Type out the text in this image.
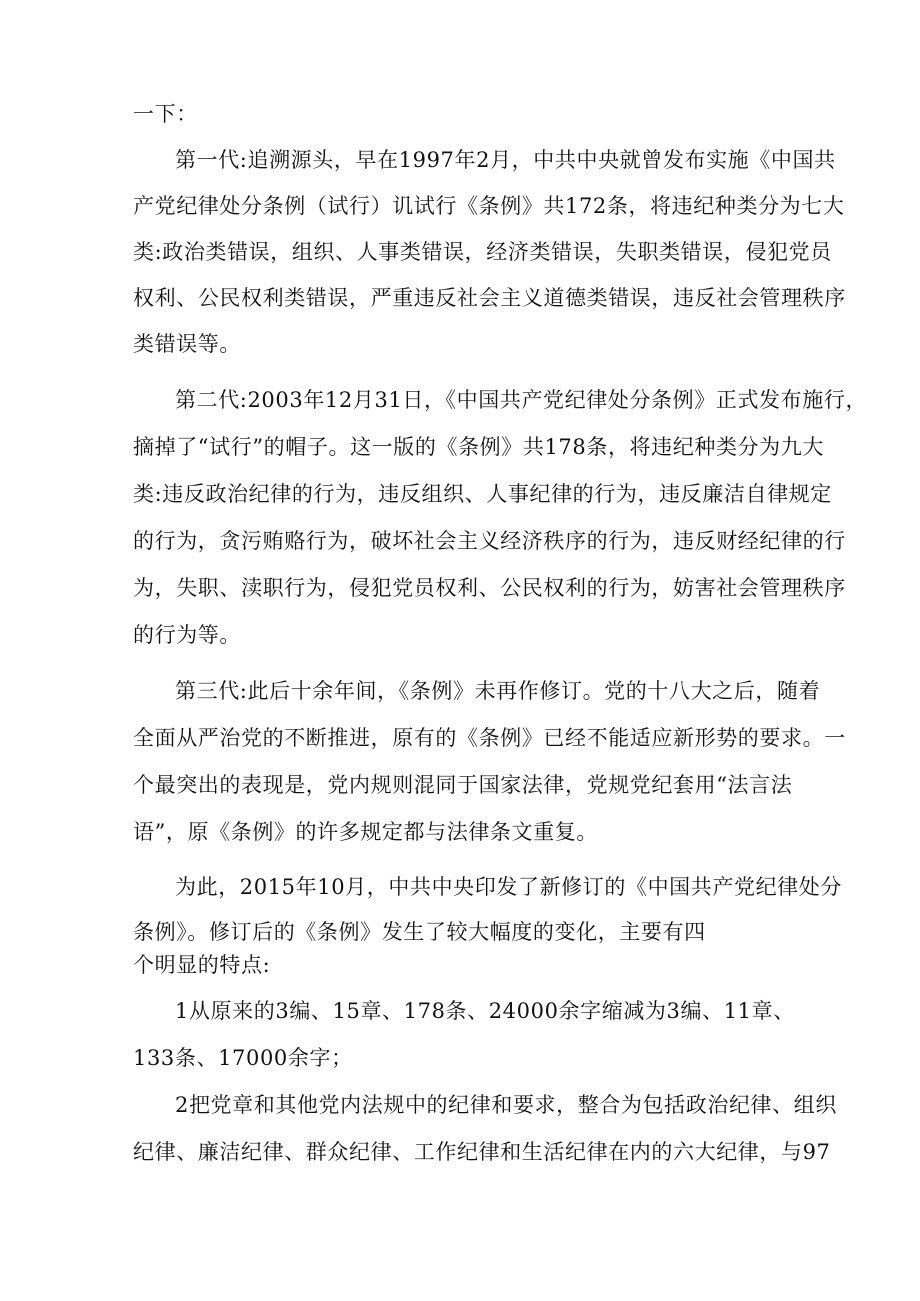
一下：
第一代:追溯源头，早在1997年2月，中共中央就曾发布实施《中国共
产党纪律处分条例（试行）讥试行《条例》共172条，将违纪种类分为七大
类:政治类错误，组织、人事类错误，经济类错误，失职类错误，侵犯党员
权利、公民权利类错误，严重违反社会主义道德类错误，违反社会管理秩序
类错误等。
第二代:2003年12月31日，《中国共产党纪律处分条例》正式发布施行，
摘掉了“试行”的帽子。这一版的《条例》共178条，将违纪种类分为九大
类:违反政治纪律的行为，违反组织、人事纪律的行为，违反廉洁自律规定
的行为，贪污贿赂行为，破坏社会主义经济秩序的行为，违反财经纪律的行
为，失职、渎职行为，侵犯党员权利、公民权利的行为，妨害社会管理秩序
的行为等。
第三代:此后十余年间，《条例》未再作修订。党的十八大之后，随着
全面从严治党的不断推进，原有的《条例》已经不能适应新形势的要求。一
个最突出的表现是，党内规则混同于国家法律，党规党纪套用“法言法
语”，原《条例》的许多规定都与法律条文重复。
为此，2015年10月，中共中央印发了新修订的《中国共产党纪律处分
条例》。修订后的《条例》发生了较大幅度的变化，主要有四
个明显的特点:
1从原来的3编、15章、178条、24000余字缩减为3编、11章、
133条、17000余字；
2把党章和其他党内法规中的纪律和要求，整合为包括政治纪律、组织
纪律、廉洁纪律、群众纪律、工作纪律和生活纪律在内的六大纪律，与97
